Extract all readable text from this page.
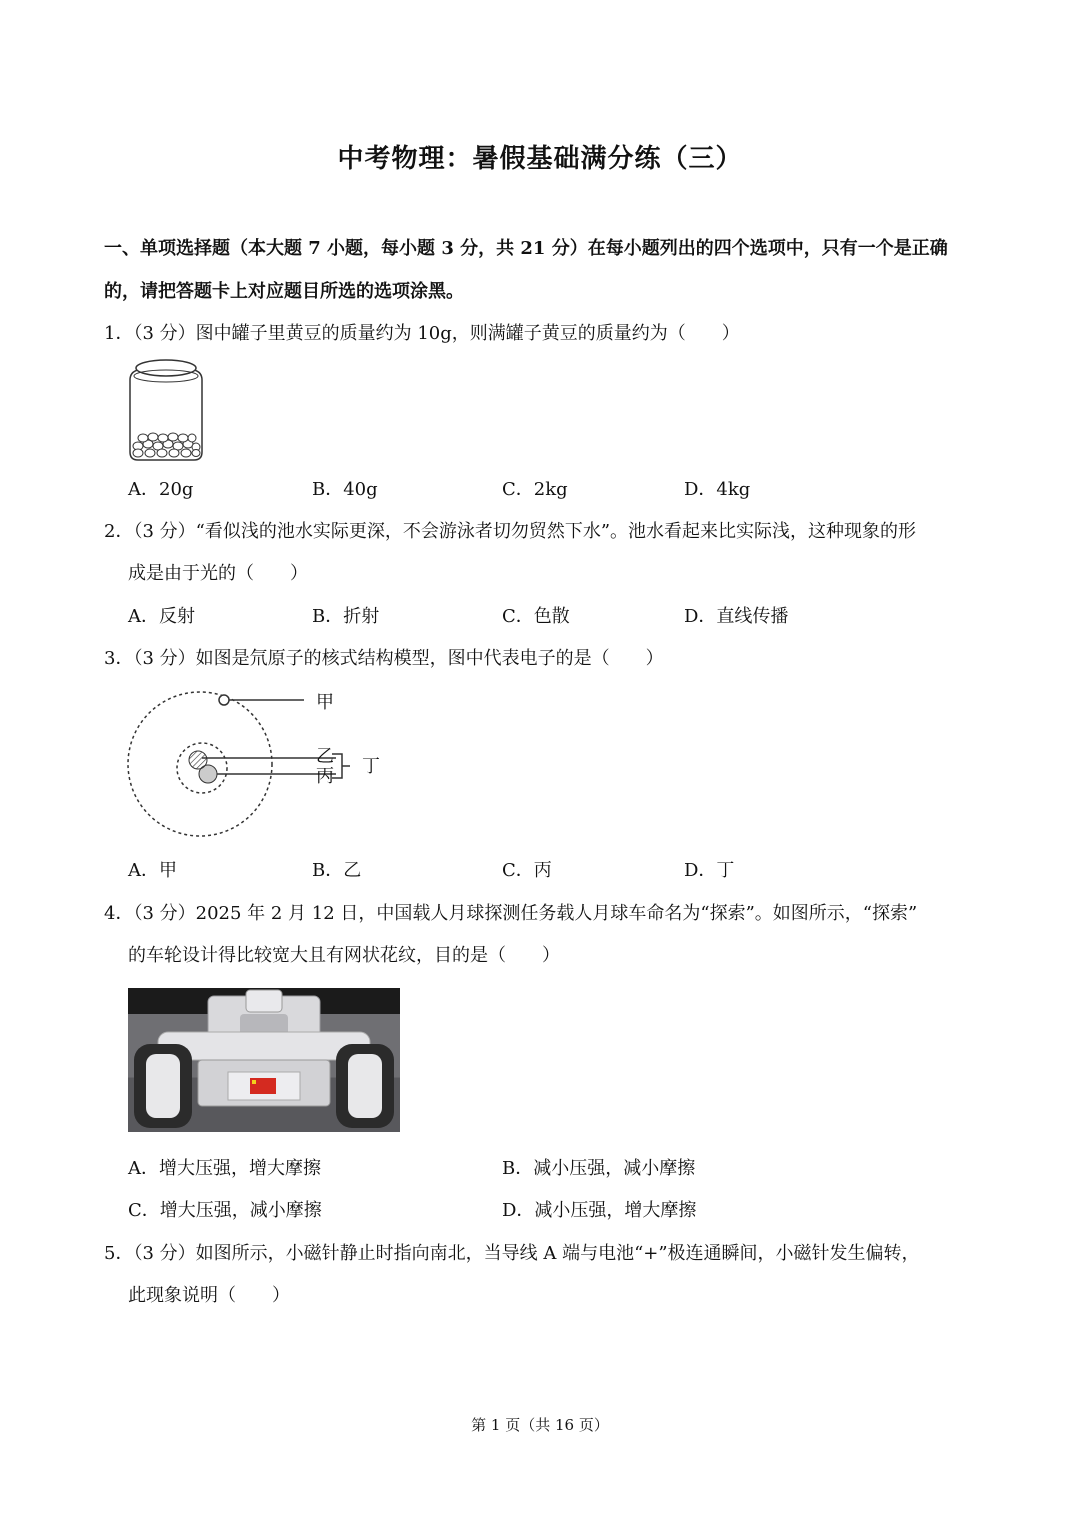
中考物理：暑假基础满分练（三）
一、单项选择题（本大题 7 小题，每小题 3 分，共 21 分）在每小题列出的四个选项中，只有一个是正确
的，请把答题卡上对应题目所选的选项涂黑。
1．（3 分）图中罐子里黄豆的质量约为 10g，则满罐子黄豆的质量约为（　　）
A．20g	B．40g	C．2kg	D．4kg
2．（3 分）“看似浅的池水实际更深，不会游泳者切勿贸然下水”。池水看起来比实际浅，这种现象的形
成是由于光的（　　）
A．反射	B．折射	C．色散	D．直线传播
3．（3 分）如图是氘原子的核式结构模型，图中代表电子的是（　　）
甲
乙
丙 丁
A．甲	B．乙	C．丙	D．丁
4．（3 分）2025 年 2 月 12 日，中国载人月球探测任务载人月球车命名为“探索”。如图所示，“探索”
的车轮设计得比较宽大且有网状花纹，目的是（　　）
A．增大压强，增大摩擦	B．减小压强，减小摩擦
C．增大压强，减小摩擦	D．减小压强，增大摩擦
5．（3 分）如图所示，小磁针静止时指向南北，当导线 A 端与电池“+”极连通瞬间，小磁针发生偏转，
此现象说明（　　）
第 1 页（共 16 页）
